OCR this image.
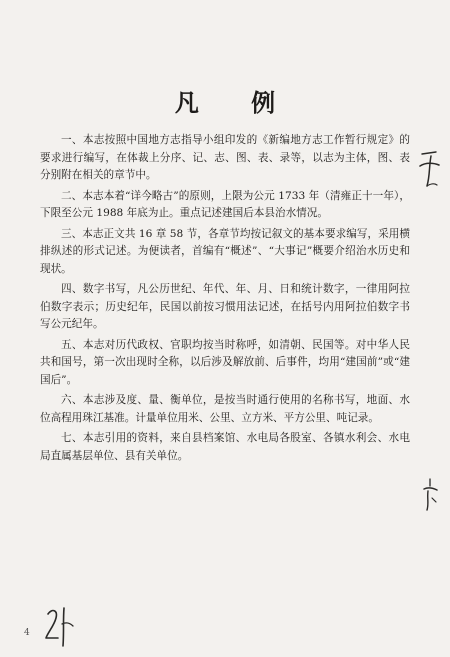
凡 例

一、本志按照中国地方志指导小组印发的《新编地方志工作暂行规定》的要求进行编写，在体裁上分序、记、志、图、表、录等，以志为主体，图、表分别附在相关的章节中。

二、本志本着“详今略古”的原则，上限为公元 1733 年（清雍正十一年），下限至公元 1988 年底为止。重点记述建国后本县治水情况。

三、本志正文共 16 章 58 节，各章节均按记叙文的基本要求编写，采用横排纵述的形式记述。为便读者，首编有“概述”、“大事记”概要介绍治水历史和现状。

四、数字书写，凡公历世纪、年代、年、月、日和统计数字，一律用阿拉伯数字表示；历史纪年，民国以前按习惯用法记述，在括号内用阿拉伯数字书写公元纪年。

五、本志对历代政权、官职均按当时称呼，如清朝、民国等。对中华人民共和国号，第一次出现时全称，以后涉及解放前、后事件，均用“建国前”或“建国后”。

六、本志涉及度、量、衡单位，是按当时通行使用的名称书写，地面、水位高程用珠江基准。计量单位用米、公里、立方米、平方公里、吨记录。

七、本志引用的资料，来自县档案馆、水电局各股室、各镇水利会、水电局直属基层单位、县有关单位。

4
